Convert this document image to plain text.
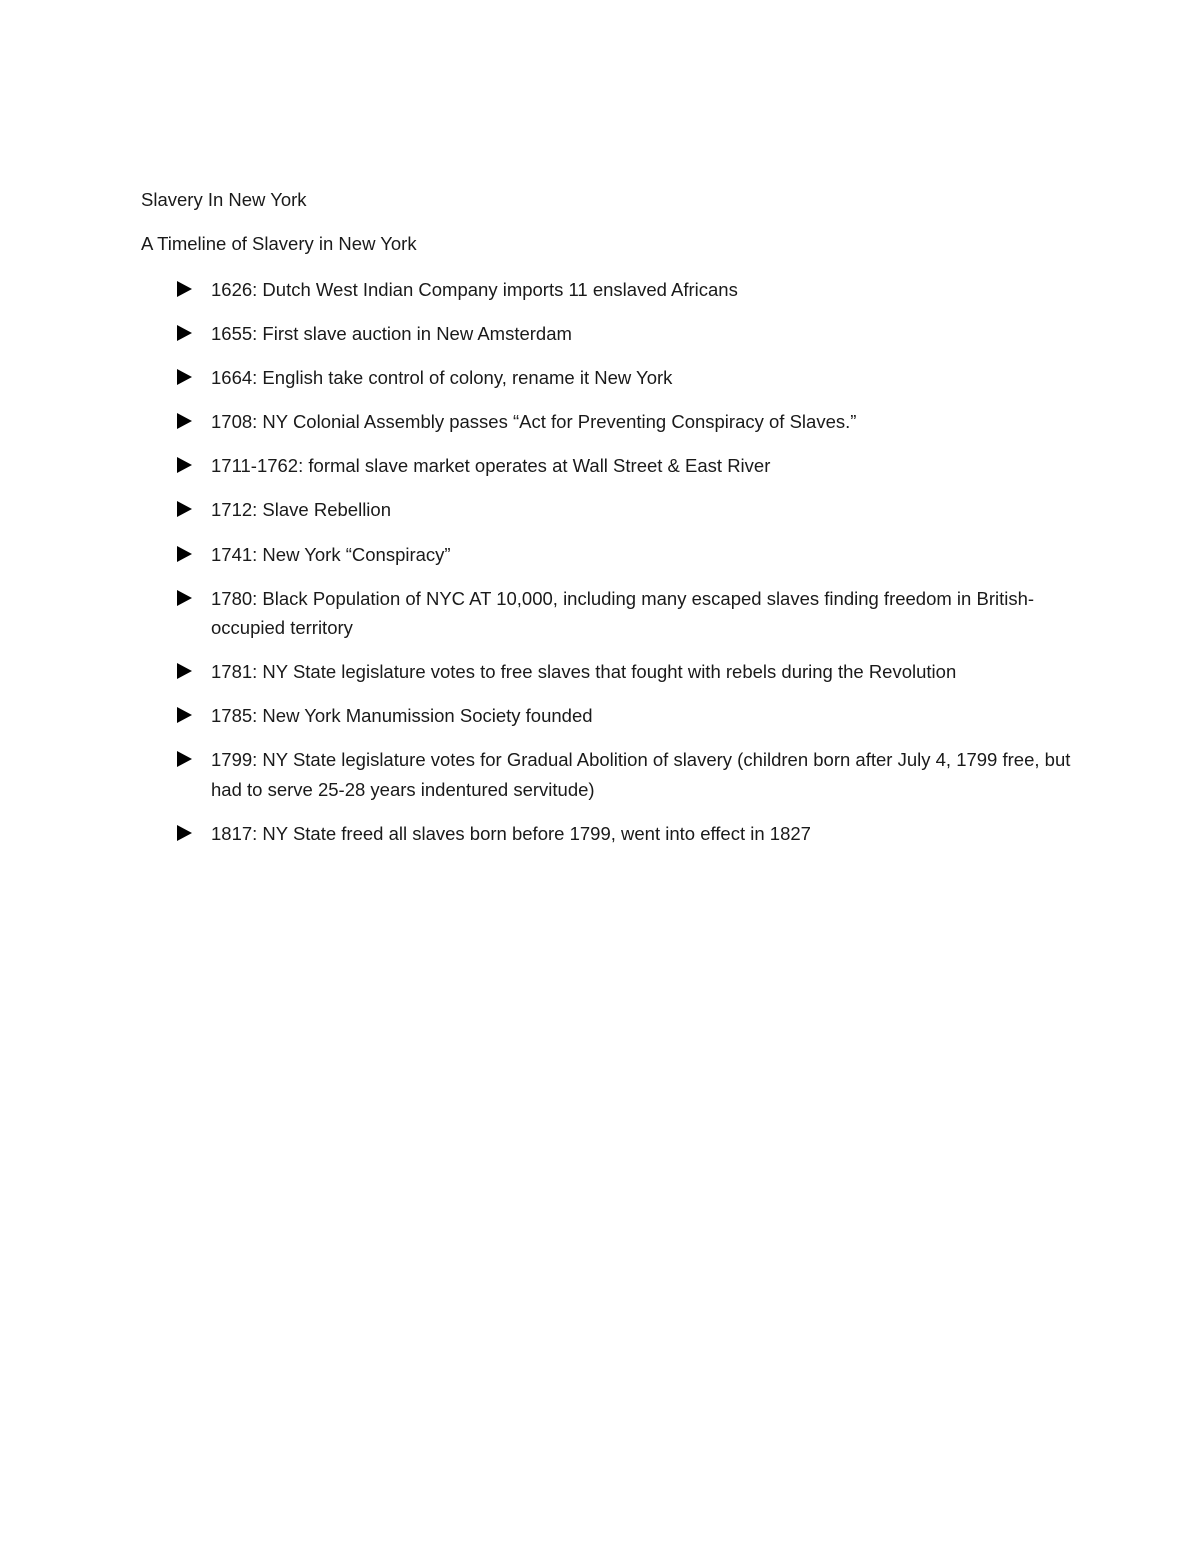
Slavery In New York
A Timeline of Slavery in New York
1626: Dutch West Indian Company imports 11 enslaved Africans
1655: First slave auction in New Amsterdam
1664: English take control of colony, rename it New York
1708: NY Colonial Assembly passes “Act for Preventing Conspiracy of Slaves.”
1711-1762: formal slave market operates at Wall Street & East River
1712: Slave Rebellion
1741: New York “Conspiracy”
1780: Black Population of NYC AT 10,000, including many escaped slaves finding freedom in British-occupied territory
1781: NY State legislature votes to free slaves that fought with rebels during the Revolution
1785: New York Manumission Society founded
1799: NY State legislature votes for Gradual Abolition of slavery (children born after July 4, 1799 free, but had to serve 25-28 years indentured servitude)
1817: NY State freed all slaves born before 1799, went into effect in 1827
